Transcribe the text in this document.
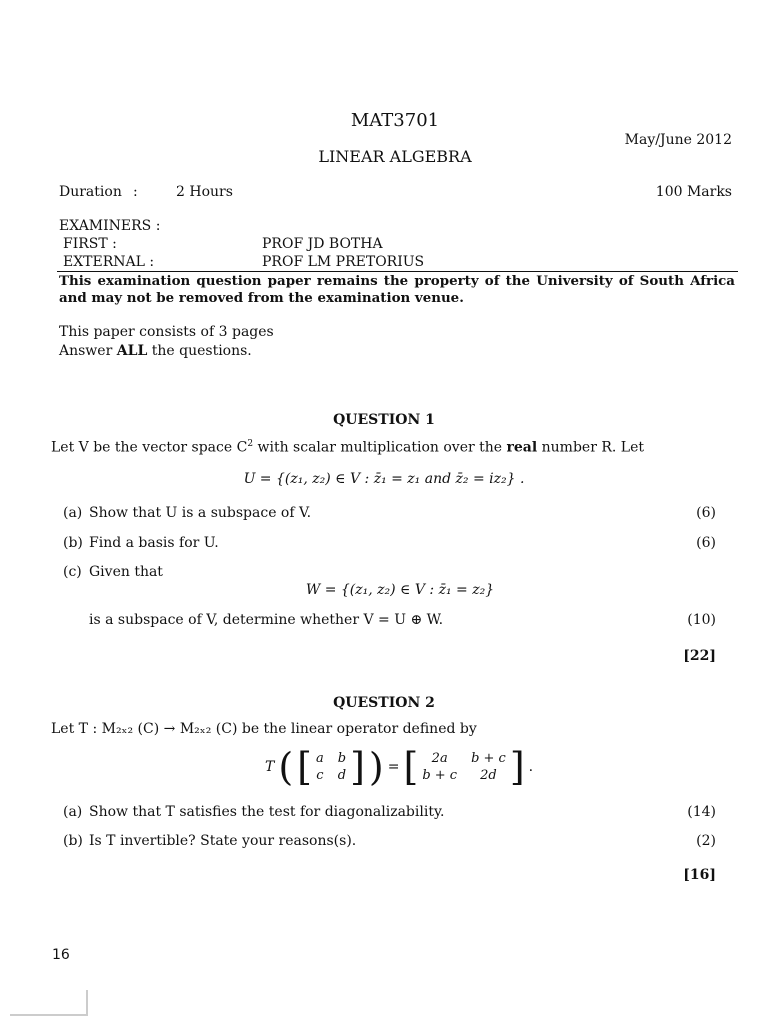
MAT3701
May/June 2012
LINEAR ALGEBRA
Duration :	2 Hours	100 Marks
EXAMINERS :
FIRST :	PROF JD BOTHA
EXTERNAL :	PROF LM PRETORIUS
This examination question paper remains the property of the University of South Africa and may not be removed from the examination venue.
This paper consists of 3 pages
Answer ALL the questions.
QUESTION 1
Let V be the vector space $C^2$ with scalar multiplication over the real number R. Let
U = {(z₁, z₂) ∈ V : z̄₁ = z₁ and z̄₂ = iz₂} .
(a) Show that U is a subspace of V.	(6)
(b) Find a basis for U.	(6)
(c) Given that
W = {(z₁, z₂) ∈ V : z̄₁ = z₂}
is a subspace of V, determine whether V = U ⊕ W.	(10)
[22]
QUESTION 2
Let T : M₂ₓ₂ (C) → M₂ₓ₂ (C) be the linear operator defined by
T ( [ a b
c d ] ) = [	2a	b + c
b + c	2d ] .
(a) Show that T satisfies the test for diagonalizability.	(14)
(b) Is T invertible? State your reasons(s).	(2)
[16]
16
